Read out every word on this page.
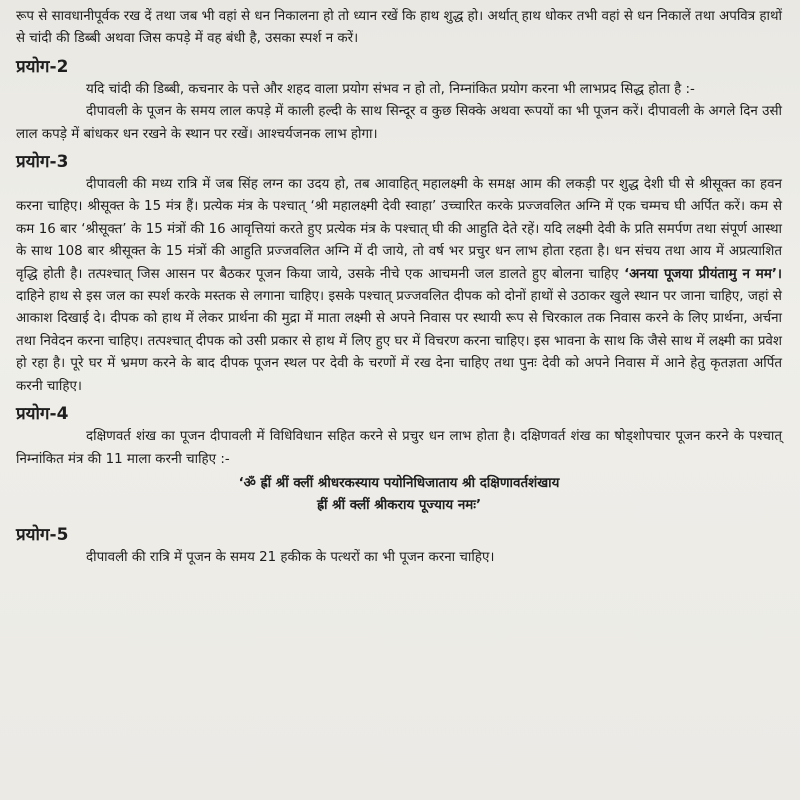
रूप से सावधानीपूर्वक रख दें तथा जब भी वहां से धन निकालना हो तो ध्यान रखें कि हाथ शुद्ध हो। अर्थात् हाथ धोकर तभी वहां से धन निकालें तथा अपवित्र हाथों से चांदी की डिब्बी अथवा जिस कपड़े में वह बंधी है, उसका स्पर्श न करें।

प्रयोग-2

यदि चांदी की डिब्बी, कचनार के पत्ते और शहद वाला प्रयोग संभव न हो तो, निम्नांकित प्रयोग करना भी लाभप्रद सिद्ध होता है :-

दीपावली के पूजन के समय लाल कपड़े में काली हल्दी के साथ सिन्दूर व कुछ सिक्के अथवा रूपयों का भी पूजन करें। दीपावली के अगले दिन उसी लाल कपड़े में बांधकर धन रखने के स्थान पर रखें। आश्चर्यजनक लाभ होगा।

प्रयोग-3

दीपावली की मध्य रात्रि में जब सिंह लग्न का उदय हो, तब आवाहित् महालक्ष्मी के समक्ष आम की लकड़ी पर शुद्ध देशी घी से श्रीसूक्त का हवन करना चाहिए। श्रीसूक्त के 15 मंत्र हैं। प्रत्येक मंत्र के पश्चात् ‘श्री महालक्ष्मी देवी स्वाहा’ उच्चारित करके प्रज्जवलित अग्नि में एक चम्मच घी अर्पित करें। कम से कम 16 बार ‘श्रीसूक्त’ के 15 मंत्रों की 16 आवृत्तियां करते हुए प्रत्येक मंत्र के पश्चात् घी की आहुति देते रहें। यदि लक्ष्मी देवी के प्रति समर्पण तथा संपूर्ण आस्था के साथ 108 बार श्रीसूक्त के 15 मंत्रों की आहुति प्रज्जवलित अग्नि में दी जाये, तो वर्ष भर प्रचुर धन लाभ होता रहता है। धन संचय तथा आय में अप्रत्याशित वृद्धि होती है। तत्पश्चात् जिस आसन पर बैठकर पूजन किया जाये, उसके नीचे एक आचमनी जल डालते हुए बोलना चाहिए ‘अनया पूजया प्रीयंतामु न मम’। दाहिने हाथ से इस जल का स्पर्श करके मस्तक से लगाना चाहिए। इसके पश्चात् प्रज्जवलित दीपक को दोनों हाथों से उठाकर खुले स्थान पर जाना चाहिए, जहां से आकाश दिखाई दे। दीपक को हाथ में लेकर प्रार्थना की मुद्रा में माता लक्ष्मी से अपने निवास पर स्थायी रूप से चिरकाल तक निवास करने के लिए प्रार्थना, अर्चना तथा निवेदन करना चाहिए। तत्पश्चात् दीपक को उसी प्रकार से हाथ में लिए हुए घर में विचरण करना चाहिए। इस भावना के साथ कि जैसे साथ में लक्ष्मी का प्रवेश हो रहा है। पूरे घर में भ्रमण करने के बाद दीपक पूजन स्थल पर देवी के चरणों में रख देना चाहिए तथा पुनः देवी को अपने निवास में आने हेतु कृतज्ञता अर्पित करनी चाहिए।

प्रयोग-4

दक्षिणवर्त शंख का पूजन दीपावली में विधिविधान सहित करने से प्रचुर धन लाभ होता है। दक्षिणवर्त शंख का षोड्शोपचार पूजन करने के पश्चात् निम्नांकित मंत्र की 11 माला करनी चाहिए :-

‘ॐ ह्रीं श्रीं क्लीं श्रीधरकस्याय पयोनिधिजाताय श्री दक्षिणावर्तशंखाय
ह्रीं श्रीं क्लीं श्रीकराय पूज्याय नमः’
प्रयोग-5

दीपावली की रात्रि में पूजन के समय 21 हकीक के पत्थरों का भी पूजन करना चाहिए।
